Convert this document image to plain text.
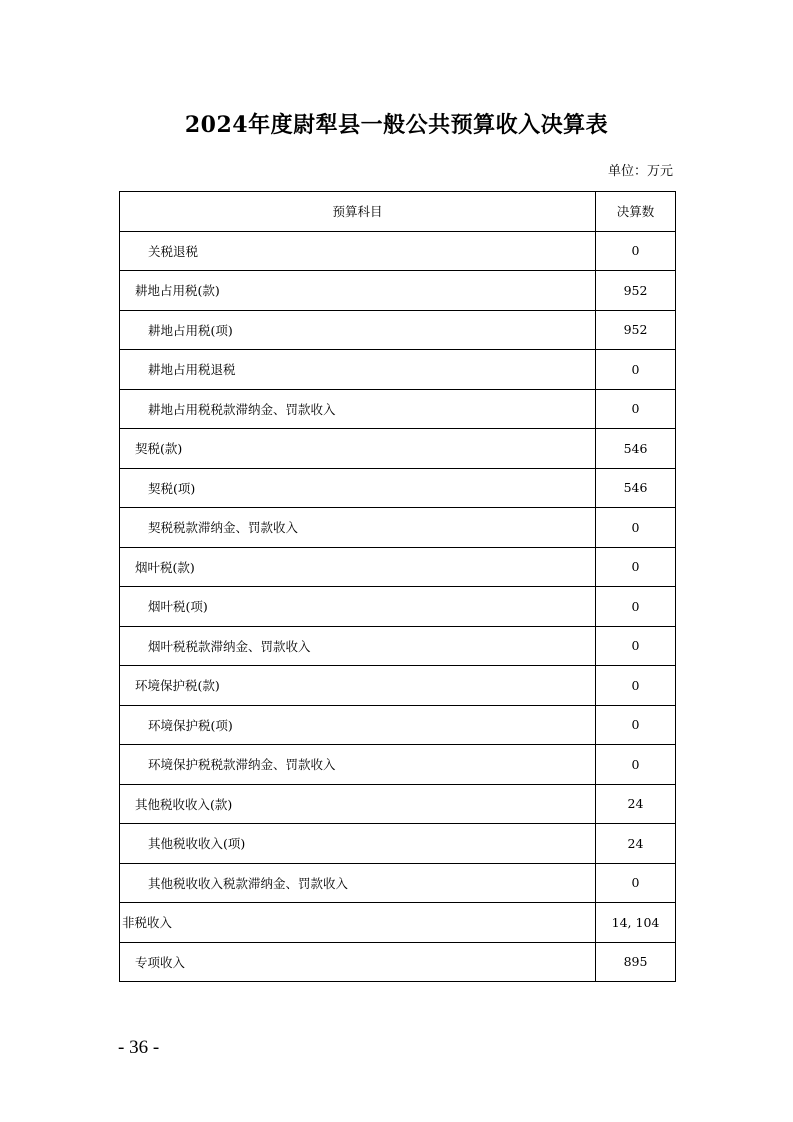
2024年度尉犁县一般公共预算收入决算表
单位：万元
预算科目	决算数
关税退税	0
耕地占用税(款)	952
耕地占用税(项)	952
耕地占用税退税	0
耕地占用税税款滞纳金、罚款收入	0
契税(款)	546
契税(项)	546
契税税款滞纳金、罚款收入	0
烟叶税(款)	0
烟叶税(项)	0
烟叶税税款滞纳金、罚款收入	0
环境保护税(款)	0
环境保护税(项)	0
环境保护税税款滞纳金、罚款收入	0
其他税收收入(款)	24
其他税收收入(项)	24
其他税收收入税款滞纳金、罚款收入	0
非税收入	14, 104
专项收入	895
- 36 -
